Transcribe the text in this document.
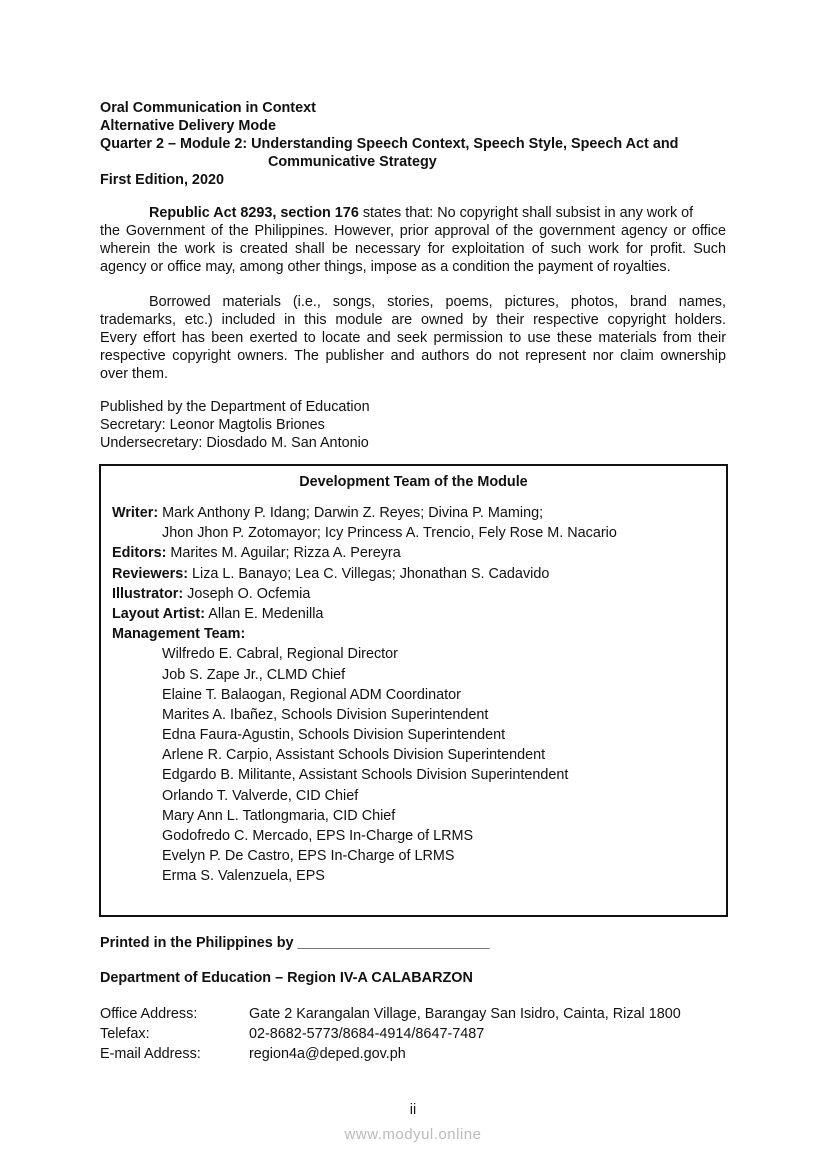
Oral Communication in Context
Alternative Delivery Mode
Quarter 2 – Module 2: Understanding Speech Context, Speech Style, Speech Act and
Communicative Strategy
First Edition, 2020
Republic Act 8293, section 176 states that: No copyright shall subsist in any work of
the Government of the Philippines. However, prior approval of the government agency or office
wherein the work is created shall be necessary for exploitation of such work for profit. Such
agency or office may, among other things, impose as a condition the payment of royalties.
Borrowed materials (i.e., songs, stories, poems, pictures, photos, brand names,
trademarks, etc.) included in this module are owned by their respective copyright holders.
Every effort has been exerted to locate and seek permission to use these materials from their
respective copyright owners. The publisher and authors do not represent nor claim ownership
over them.
Published by the Department of Education
Secretary: Leonor Magtolis Briones
Undersecretary: Diosdado M. San Antonio
Development Team of the Module
Writer: Mark Anthony P. Idang; Darwin Z. Reyes; Divina P. Maming;
Jhon Jhon P. Zotomayor; Icy Princess A. Trencio, Fely Rose M. Nacario
Editors: Marites M. Aguilar; Rizza A. Pereyra
Reviewers: Liza L. Banayo; Lea C. Villegas; Jhonathan S. Cadavido
Illustrator: Joseph O. Ocfemia
Layout Artist: Allan E. Medenilla
Management Team:
Wilfredo E. Cabral, Regional Director
Job S. Zape Jr., CLMD Chief
Elaine T. Balaogan, Regional ADM Coordinator
Marites A. Ibañez, Schools Division Superintendent
Edna Faura-Agustin, Schools Division Superintendent
Arlene R. Carpio, Assistant Schools Division Superintendent
Edgardo B. Militante, Assistant Schools Division Superintendent
Orlando T. Valverde, CID Chief
Mary Ann L. Tatlongmaria, CID Chief
Godofredo C. Mercado, EPS In-Charge of LRMS
Evelyn P. De Castro, EPS In-Charge of LRMS
Erma S. Valenzuela, EPS
Printed in the Philippines by ________________________
Department of Education – Region IV-A CALABARZON
Office Address:	Gate 2 Karangalan Village, Barangay San Isidro, Cainta, Rizal 1800
Telefax:	02-8682-5773/8684-4914/8647-7487
E-mail Address:	region4a@deped.gov.ph
ii
www.modyul.online
